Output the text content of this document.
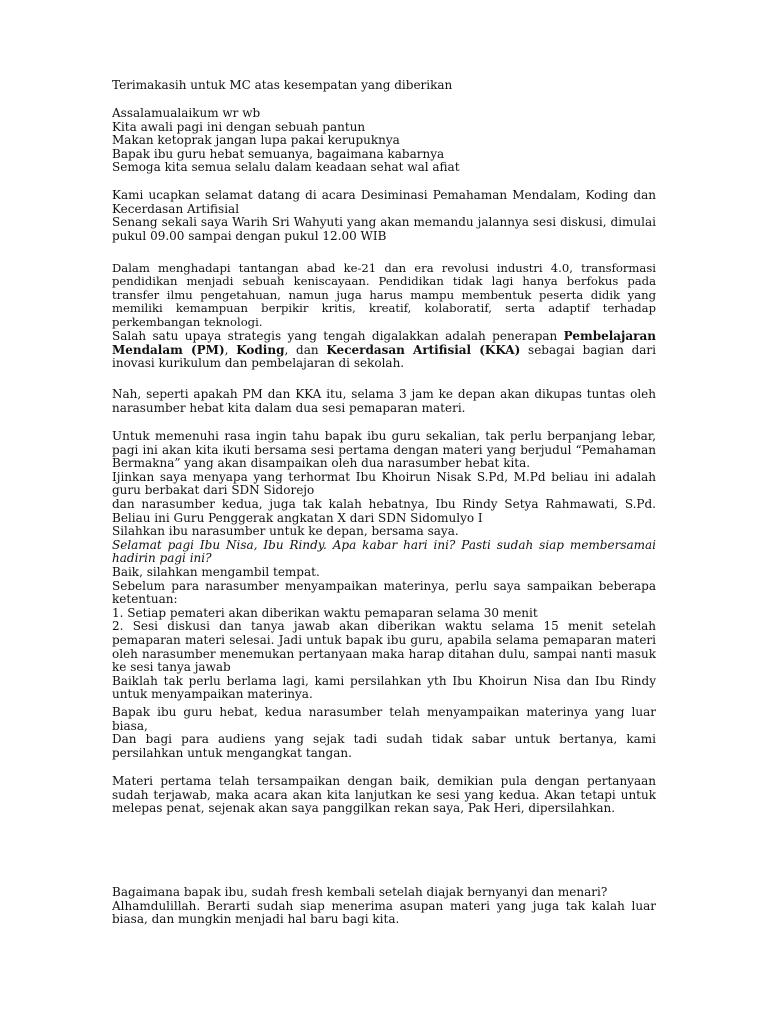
Terimakasih untuk MC atas kesempatan yang diberikan

Assalamualaikum wr wb

Kita awali pagi ini dengan sebuah pantun

Makan ketoprak jangan lupa pakai kerupuknya

Bapak ibu guru hebat semuanya, bagaimana kabarnya

Semoga kita semua selalu dalam keadaan sehat wal afiat

Kami ucapkan selamat datang di acara Desiminasi Pemahaman Mendalam, Koding dan Kecerdasan Artifisial

Senang sekali saya Warih Sri Wahyuti yang akan memandu jalannya sesi diskusi, dimulai pukul 09.00 sampai dengan pukul 12.00 WIB

Dalam menghadapi tantangan abad ke-21 dan era revolusi industri 4.0, transformasi pendidikan menjadi sebuah keniscayaan. Pendidikan tidak lagi hanya berfokus pada transfer ilmu pengetahuan, namun juga harus mampu membentuk peserta didik yang memiliki kemampuan berpikir kritis, kreatif, kolaboratif, serta adaptif terhadap perkembangan teknologi.

Salah satu upaya strategis yang tengah digalakkan adalah penerapan Pembelajaran Mendalam (PM), Koding, dan Kecerdasan Artifisial (KKA) sebagai bagian dari inovasi kurikulum dan pembelajaran di sekolah.

Nah, seperti apakah PM dan KKA itu, selama 3 jam ke depan akan dikupas tuntas oleh narasumber hebat kita dalam dua sesi pemaparan materi.

Untuk memenuhi rasa ingin tahu bapak ibu guru sekalian, tak perlu berpanjang lebar, pagi ini akan kita ikuti bersama sesi pertama dengan materi yang berjudul “Pemahaman Bermakna” yang akan disampaikan oleh dua narasumber hebat kita.

Ijinkan saya menyapa yang terhormat Ibu Khoirun Nisak S.Pd, M.Pd beliau ini adalah guru berbakat dari SDN Sidorejo

dan narasumber kedua, juga tak kalah hebatnya, Ibu Rindy Setya Rahmawati, S.Pd. Beliau ini Guru Penggerak angkatan X dari SDN Sidomulyo I

Silahkan ibu narasumber untuk ke depan, bersama saya.

Selamat pagi Ibu Nisa, Ibu Rindy. Apa kabar hari ini? Pasti sudah siap membersamai hadirin pagi ini?

Baik, silahkan mengambil tempat.

Sebelum para narasumber menyampaikan materinya, perlu saya sampaikan beberapa ketentuan:

1. Setiap pemateri akan diberikan waktu pemaparan selama 30 menit

2. Sesi diskusi dan tanya jawab akan diberikan waktu selama 15 menit setelah pemaparan materi selesai. Jadi untuk bapak ibu guru, apabila selama pemaparan materi oleh narasumber menemukan pertanyaan maka harap ditahan dulu, sampai nanti masuk ke sesi tanya jawab

Baiklah tak perlu berlama lagi, kami persilahkan yth Ibu Khoirun Nisa dan Ibu Rindy untuk menyampaikan materinya.

Bapak ibu guru hebat, kedua narasumber telah menyampaikan materinya yang luar biasa,

Dan bagi para audiens yang sejak tadi sudah tidak sabar untuk bertanya, kami persilahkan untuk mengangkat tangan.

Materi pertama telah tersampaikan dengan baik, demikian pula dengan pertanyaan sudah terjawab, maka acara akan kita lanjutkan ke sesi yang kedua. Akan tetapi untuk melepas penat, sejenak akan saya panggilkan rekan saya, Pak Heri, dipersilahkan.

Bagaimana bapak ibu, sudah fresh kembali setelah diajak bernyanyi dan menari?

Alhamdulillah. Berarti sudah siap menerima asupan materi yang juga tak kalah luar biasa, dan mungkin menjadi hal baru bagi kita.
